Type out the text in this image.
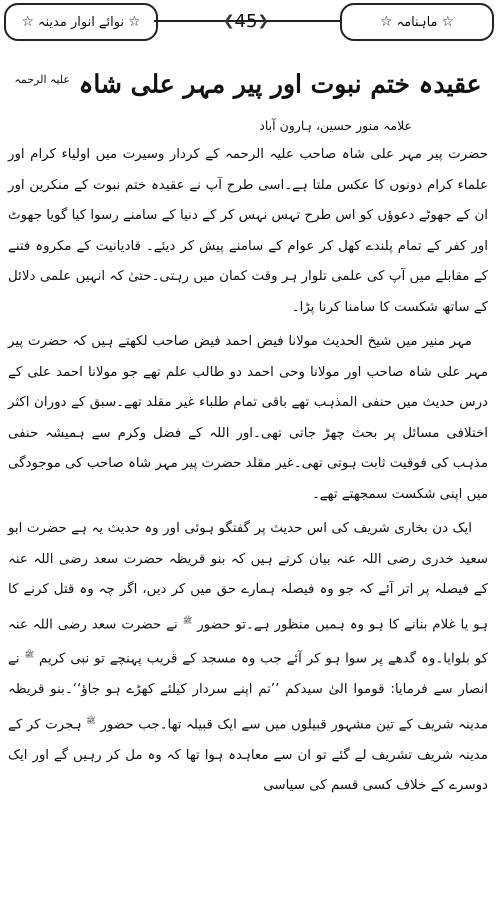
☆
ماہنامہ
☆
❮ 45 ❯
☆
نوائے انوار مدینہ
☆
عقیدہ ختم نبوت اور پیر مہر علی شاہ $^{علیہ الرحمہ}$
علامہ منور حسین، ہارون آباد

حضرت پیر مہر علی شاہ صاحب علیہ الرحمہ کے کردار وسیرت میں اولیاء کرام اور علماء کرام دونوں کا عکس ملتا ہے۔اسی طرح آپ نے عقیدہ ختم نبوت کے منکرین اور ان کے جھوٹے دعوؤں کو اس طرح تہس نہس کر کے دنیا کے سامنے رسوا کیا گویا جھوٹ اور کفر کے تمام پلندے کھل کر عوام کے سامنے پیش کر دیئے۔ قادیانیت کے مکروہ فتنے کے مقابلے میں آپ کی علمی تلوار ہر وقت کمان میں رہتی۔حتیٰ کہ انہیں علمی دلائل کے ساتھ شکست کا سامنا کرنا پڑا۔

مہر منیر میں شیخ الحدیث مولانا فیض احمد فیض صاحب لکھتے ہیں کہ حضرت پیر مہر علی شاہ صاحب اور مولانا وحی احمد دو طالب علم تھے جو مولانا احمد علی کے درس حدیث میں حنفی المذہب تھے باقی تمام طلباء غیر مقلد تھے۔سبق کے دوران اکثر اختلافی مسائل پر بحث چھڑ جاتی تھی۔اور اللہ کے فضل وکرم سے ہمیشہ حنفی مذہب کی فوقیت ثابت ہوتی تھی۔غیر مقلد حضرت پیر مہر شاہ صاحب کی موجودگی میں اپنی شکست سمجھتے تھے۔

ایک دن بخاری شریف کی اس حدیث پر گفتگو ہوئی اور وہ حدیث یہ ہے حضرت ابو سعید خدری رضی اللہ عنہ بیان کرتے ہیں کہ بنو قریظہ حضرت سعد رضی اللہ عنہ کے فیصلہ پر اتر آئے کہ جو وہ فیصلہ ہمارے حق میں کر دیں، اگر چہ وہ قتل کرنے کا ہو یا غلام بنانے کا ہو وہ ہمیں منظور ہے۔تو حضور $^ﷺ$ نے حضرت سعد رضی اللہ عنہ کو بلوایا۔وہ گدھے پر سوا ہو کر آئے جب وہ مسجد کے قریب پہنچے تو نبی کریم $^ﷺ$ نے انصار سے فرمایا: قوموا الیٰ سیدکم ’’تم اپنے سردار کیلئے کھڑے ہو جاؤ‘‘۔بنو قریظہ مدینہ شریف کے تین مشہور قبیلوں میں سے ایک قبیلہ تھا۔جب حضور $^ﷺ$ ہجرت کر کے مدینہ شریف تشریف لے گئے تو ان سے معاہدہ ہوا تھا کہ وہ مل کر رہیں گے اور ایک دوسرے کے خلاف کسی قسم کی سیاسی
